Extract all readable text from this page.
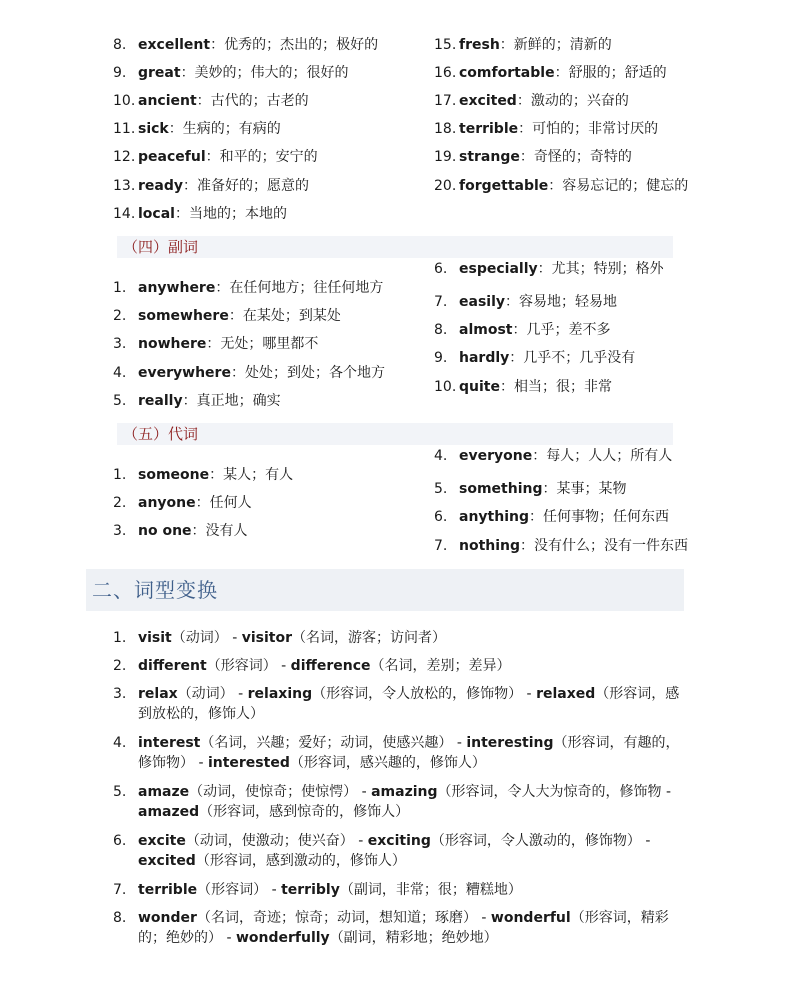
8. excellent：优秀的；杰出的；极好的
9. great：美妙的；伟大的；很好的
10. ancient：古代的；古老的
11. sick：生病的；有病的
12. peaceful：和平的；安宁的
13. ready：准备好的；愿意的
14. local：当地的；本地的
15. fresh：新鲜的；清新的
16. comfortable：舒服的；舒适的
17. excited：激动的；兴奋的
18. terrible：可怕的；非常讨厌的
19. strange：奇怪的；奇特的
20. forgettable：容易忘记的；健忘的
（四）副词
1. anywhere：在任何地方；往任何地方
2. somewhere：在某处；到某处
3. nowhere：无处；哪里都不
4. everywhere：处处；到处；各个地方
5. really：真正地；确实
6. especially：尤其；特别；格外
7. easily：容易地；轻易地
8. almost：几乎；差不多
9. hardly：几乎不；几乎没有
10. quite：相当；很；非常
（五）代词
1. someone：某人；有人
2. anyone：任何人
3. no one：没有人
4. everyone：每人；人人；所有人
5. something：某事；某物
6. anything：任何事物；任何东西
7. nothing：没有什么；没有一件东西
二、词型变换
1. visit（动词） - visitor（名词，游客；访问者）
2. different（形容词） - difference（名词，差别；差异）
3. relax（动词） - relaxing（形容词，令人放松的，修饰物） - relaxed（形容词，感到放松的，修饰人）
4. interest（名词，兴趣；爱好；动词，使感兴趣） - interesting（形容词，有趣的，修饰物） - interested（形容词，感兴趣的，修饰人）
5. amaze（动词，使惊奇；使惊愕） - amazing（形容词，令人大为惊奇的，修饰物 - amazed（形容词，感到惊奇的，修饰人）
6. excite（动词，使激动；使兴奋） - exciting（形容词，令人激动的，修饰物） - excited（形容词，感到激动的，修饰人）
7. terrible（形容词） - terribly（副词，非常；很；糟糕地）
8. wonder（名词，奇迹；惊奇；动词，想知道；琢磨） - wonderful（形容词，精彩的；绝妙的） - wonderfully（副词，精彩地；绝妙地）
